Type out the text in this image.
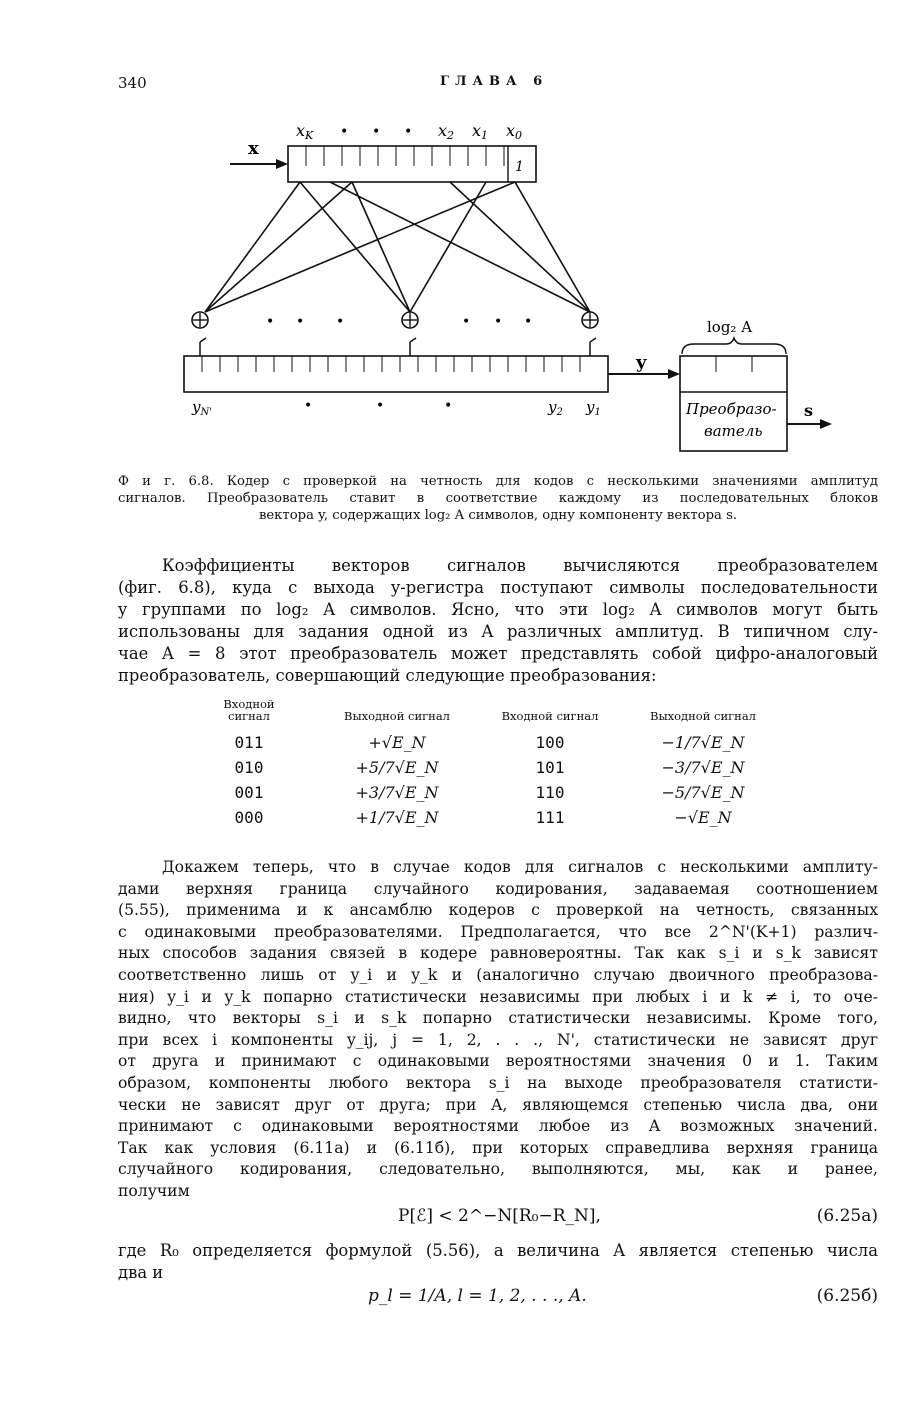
340	ГЛАВА 6
x
xK • • • x2 x1 x0
1
• • •	• • •
$y_{N'}$	•	•	•	$y_2$ $y_1$
y
log₂ A
Преобразо-
ватель
s
Ф и г. 6.8. Кодер с проверкой на четность для кодов с несколькими значениями амплитуд
сигналов. Преобразователь ставит в соответствие каждому из последовательных блоков
вектора y, содержащих log₂ A символов, одну компоненту вектора s.
Коэффициенты векторов сигналов вычисляются преобразователем
(фиг. 6.8), куда с выхода y-регистра поступают символы последовательности
y группами по log₂ A символов. Ясно, что эти log₂ A символов могут быть
использованы для задания одной из A различных амплитуд. В типичном слу-
чае A = 8 этот преобразователь может представлять собой цифро-аналоговый
преобразователь, совершающий следующие преобразования:
Входной сигнал	Выходной сигнал	Входной сигнал	Выходной сигнал
011	+√E_N	100	−1/7√E_N
010	+5/7√E_N	101	−3/7√E_N
001	+3/7√E_N	110	−5/7√E_N
000	+1/7√E_N	111	−√E_N
Докажем теперь, что в случае кодов для сигналов с несколькими амплиту-
дами верхняя граница случайного кодирования, задаваемая соотношением
(5.55), применима и к ансамблю кодеров с проверкой на четность, связанных
с одинаковыми преобразователями. Предполагается, что все 2^N'(K+1) различ-
ных способов задания связей в кодере равновероятны. Так как s_i и s_k зависят
соответственно лишь от y_i и y_k и (аналогично случаю двоичного преобразова-
ния) y_i и y_k попарно статистически независимы при любых i и k ≠ i, то оче-
видно, что векторы s_i и s_k попарно статистически независимы. Кроме того,
при всех i компоненты y_ij, j = 1, 2, . . ., N', статистически не зависят друг
от друга и принимают с одинаковыми вероятностями значения 0 и 1. Таким
образом, компоненты любого вектора s_i на выходе преобразователя статисти-
чески не зависят друг от друга; при A, являющемся степенью числа два, они
принимают с одинаковыми вероятностями любое из A возможных значений.
Так как условия (6.11a) и (6.11б), при которых справедлива верхняя граница
случайного кодирования, следовательно, выполняются, мы, как и ранее,
получим
P[ℰ] < 2^−N[R₀−R_N],	(6.25a)
где R₀ определяется формулой (5.56), а величина A является степенью числа
два и
p_l = 1/A, l = 1, 2, . . ., A.	(6.25б)
